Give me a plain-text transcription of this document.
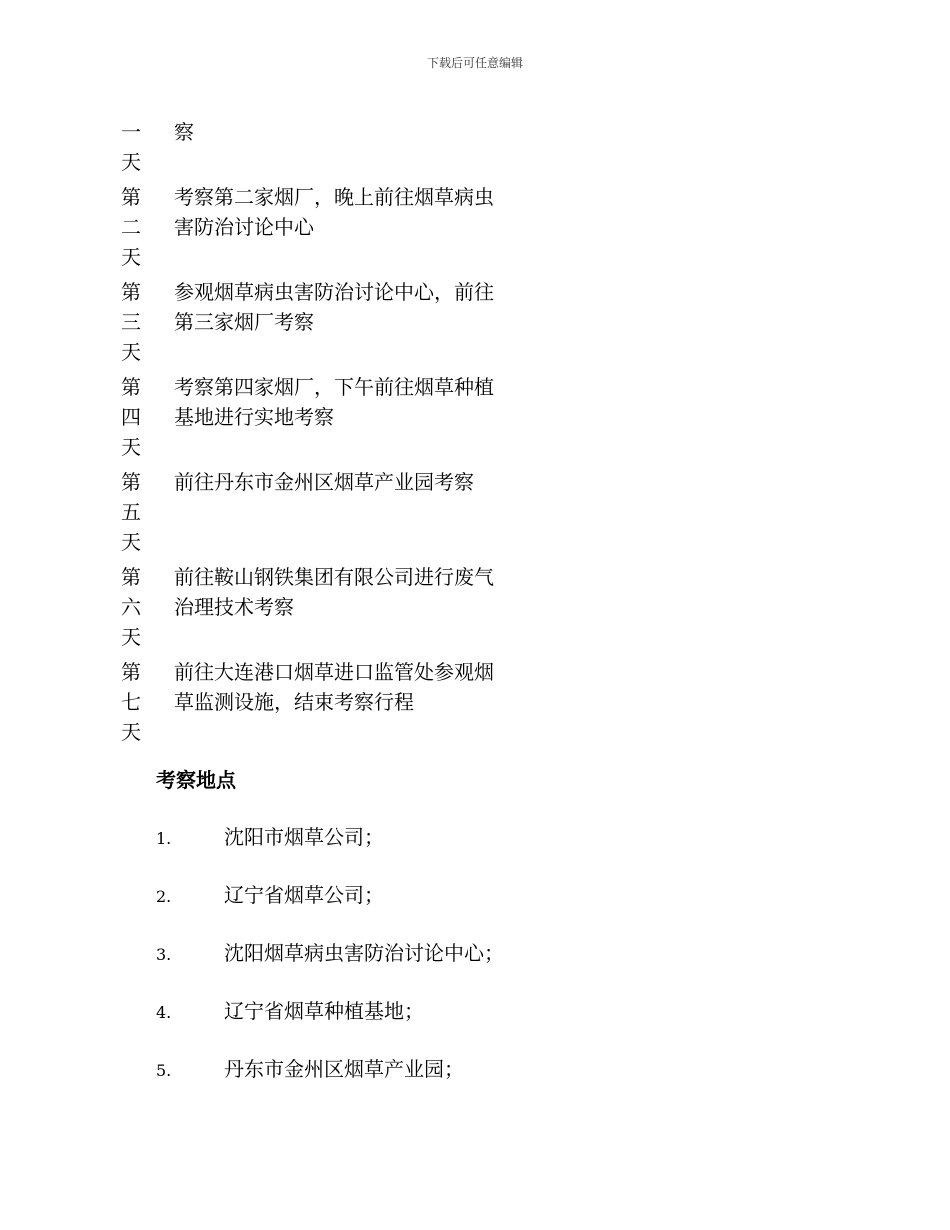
下载后可任意编辑
一天
察
第二天
考察第二家烟厂，晚上前往烟草病虫害防治讨论中心
第三天
参观烟草病虫害防治讨论中心，前往第三家烟厂考察
第四天
考察第四家烟厂，下午前往烟草种植基地进行实地考察
第五天
前往丹东市金州区烟草产业园考察
第六天
前往鞍山钢铁集团有限公司进行废气治理技术考察
第七天
前往大连港口烟草进口监管处参观烟草监测设施，结束考察行程
考察地点
1.	沈阳市烟草公司；
2.	辽宁省烟草公司；
3.	沈阳烟草病虫害防治讨论中心；
4.	辽宁省烟草种植基地；
5.	丹东市金州区烟草产业园；
